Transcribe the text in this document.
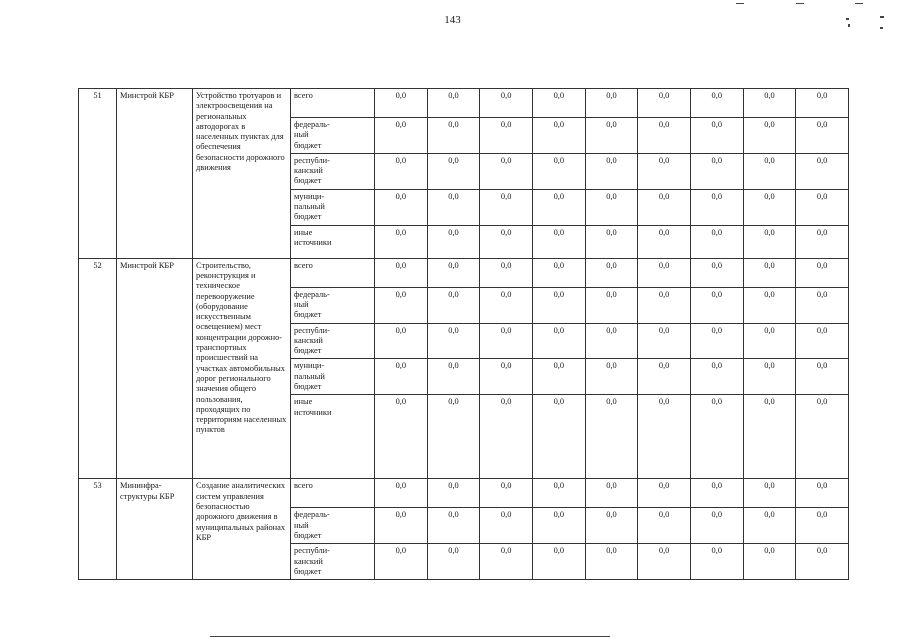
143
51	Минстрой КБР	Устройство тротуаров и электроосвещения на региональных автодорогах в населенных пунктах для обеспечения безопасности дорожного движения	всего	0,0	0,0	0,0	0,0	0,0	0,0	0,0	0,0	0,0
			федераль-
ный
бюджет	0,0	0,0	0,0	0,0	0,0	0,0	0,0	0,0	0,0
			республи-
канский
бюджет	0,0	0,0	0,0	0,0	0,0	0,0	0,0	0,0	0,0
			муници-
пальный
бюджет	0,0	0,0	0,0	0,0	0,0	0,0	0,0	0,0	0,0
			иные
источники	0,0	0,0	0,0	0,0	0,0	0,0	0,0	0,0	0,0
52	Минстрой КБР	Строительство, реконструкция и техническое перевооружение (оборудование искусственным освещением) мест концентрации дорожно-транспортных происшествий на участках автомобильных дорог регионального значения общего пользования, проходящих по территориям населенных пунктов	всего	0,0	0,0	0,0	0,0	0,0	0,0	0,0	0,0	0,0
			федераль-
ный
бюджет	0,0	0,0	0,0	0,0	0,0	0,0	0,0	0,0	0,0
			республи-
канский
бюджет	0,0	0,0	0,0	0,0	0,0	0,0	0,0	0,0	0,0
			муници-
пальный
бюджет	0,0	0,0	0,0	0,0	0,0	0,0	0,0	0,0	0,0
			иные
источники	0,0	0,0	0,0	0,0	0,0	0,0	0,0	0,0	0,0
53	Мининфра-
структуры КБР	Создание аналитических систем управления безопасностью дорожного движения в муниципальных районах КБР	всего	0,0	0,0	0,0	0,0	0,0	0,0	0,0	0,0	0,0
			федераль-
ный
бюджет	0,0	0,0	0,0	0,0	0,0	0,0	0,0	0,0	0,0
			республи-
канский
бюджет	0,0	0,0	0,0	0,0	0,0	0,0	0,0	0,0	0,0
